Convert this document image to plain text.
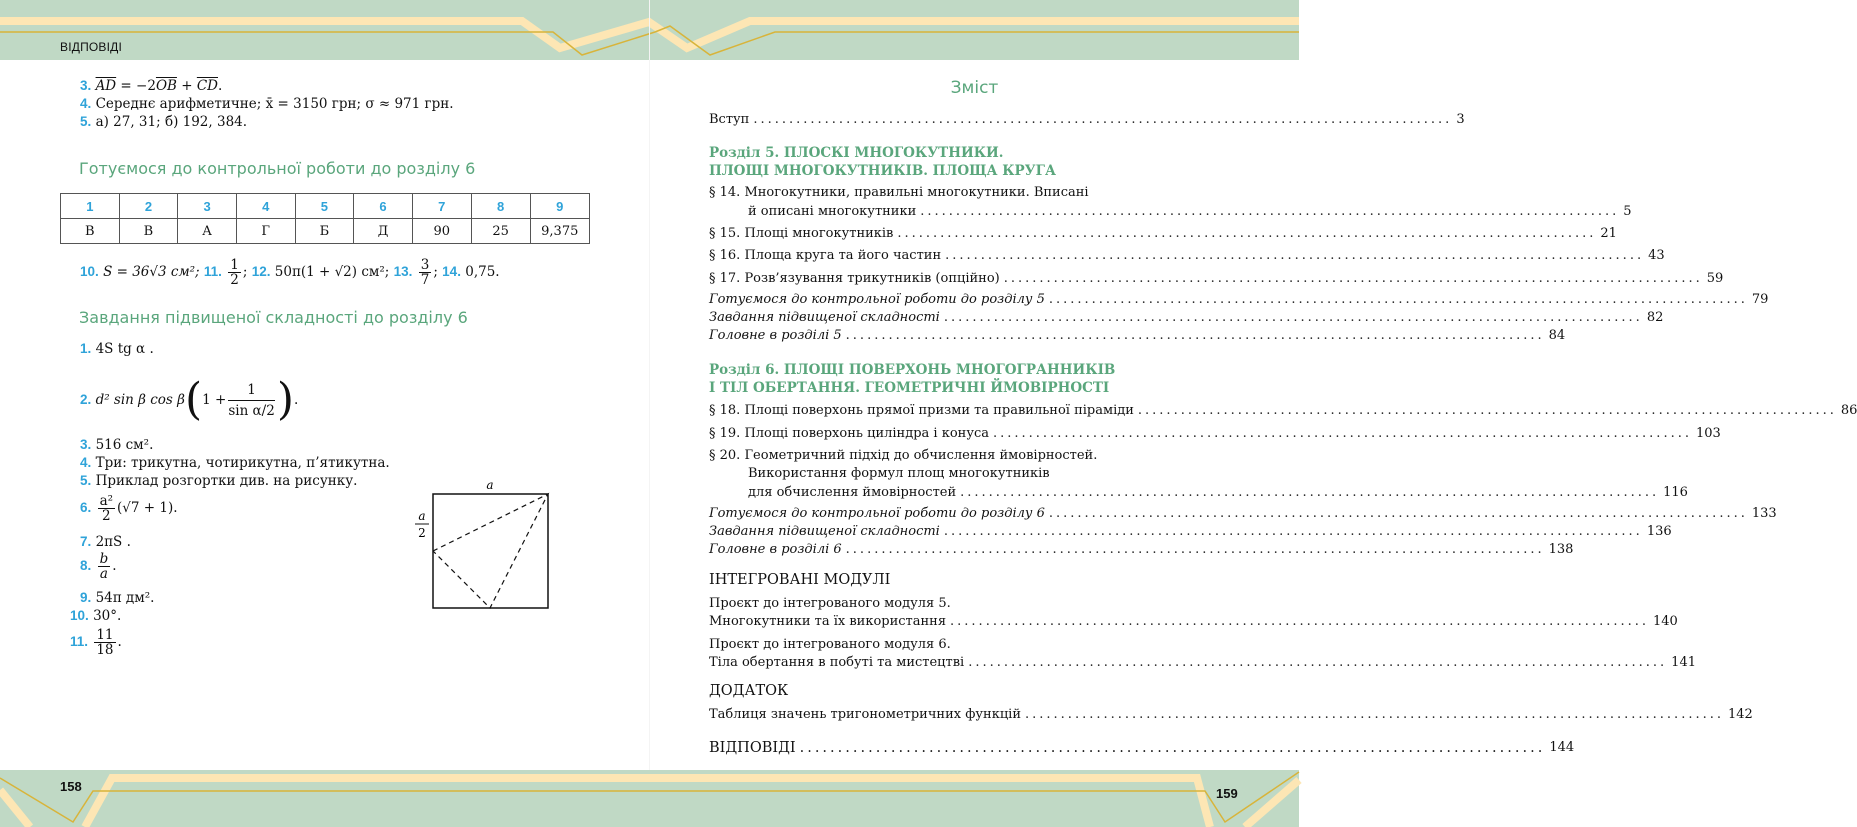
ВІДПОВІДІ
3. $\overline{AD} = -2\overline{OB} + \overline{CD}$.
4. Середнє арифметичне; x̄ = 3150 грн; σ ≈ 971 грн.
5. а) 27, 31; б) 192, 384.
Готуємося до контрольної роботи до розділу 6
1	2	3	4	5	6	7	8	9
В	В	А	Г	Б	Д	90	25	9,375
10. S = 36√3 см²; 11. $\frac{1}{2}$ ; 12. 50π(1 + √2) см²; 13. $\frac{3}{7}$ ; 14. 0,75.
Завдання підвищеної складності до розділу 6
1. 4S tg α .
2.
d² sin β cos β ( $1 + \frac{1}{\text{sin α/2}}$ ) .
3. 516 см².
4. Три: трикутна, чотирикутна, п’ятикутна.
5. Приклад розгортки див. на рисунку.
6. $\frac{\text{a²}}{2} (√7 + 1)$.
7. 2πS .
8. $\frac{b}{a}$ .
9. 54π дм².
10. 30°.
11. $\frac{11}{18}$ .
a
a
2
158
Зміст
Вступ .................................................................................................. 3
Розділ 5. ПЛОСКІ МНОГОКУТНИКИ.
ПЛОЩІ МНОГОКУТНИКІВ. ПЛОЩА КРУГА
§ 14. Многокутники, правильні многокутники. Вписані
й описані многокутники .................................................................................................. 5
§ 15. Площі многокутників .................................................................................................. 21
§ 16. Площа круга та його частин .................................................................................................. 43
§ 17. Розв’язування трикутників (опційно) .................................................................................................. 59
Готуємося до контрольної роботи до розділу 5 .................................................................................................. 79
Завдання підвищеної складності .................................................................................................. 82
Головне в розділі 5 .................................................................................................. 84
Розділ 6. ПЛОЩІ ПОВЕРХОНЬ МНОГОГРАННИКІВ
І ТІЛ ОБЕРТАННЯ. ГЕОМЕТРИЧНІ ЙМОВІРНОСТІ
§ 18. Площі поверхонь прямої призми та правильної піраміди .................................................................................................. 86
§ 19. Площі поверхонь циліндра і конуса .................................................................................................. 103
§ 20. Геометричний підхід до обчислення ймовірностей.
Використання формул площ многокутників
для обчислення ймовірностей .................................................................................................. 116
Готуємося до контрольної роботи до розділу 6 .................................................................................................. 133
Завдання підвищеної складності .................................................................................................. 136
Головне в розділі 6 .................................................................................................. 138
ІНТЕГРОВАНІ МОДУЛІ
Проєкт до інтегрованого модуля 5.
Многокутники та їх використання .................................................................................................. 140
Проєкт до інтегрованого модуля 6.
Тіла обертання в побуті та мистецтві .................................................................................................. 141
ДОДАТОК
Таблиця значень тригонометричних функцій .................................................................................................. 142
ВІДПОВІДІ .................................................................................................. 144
159
